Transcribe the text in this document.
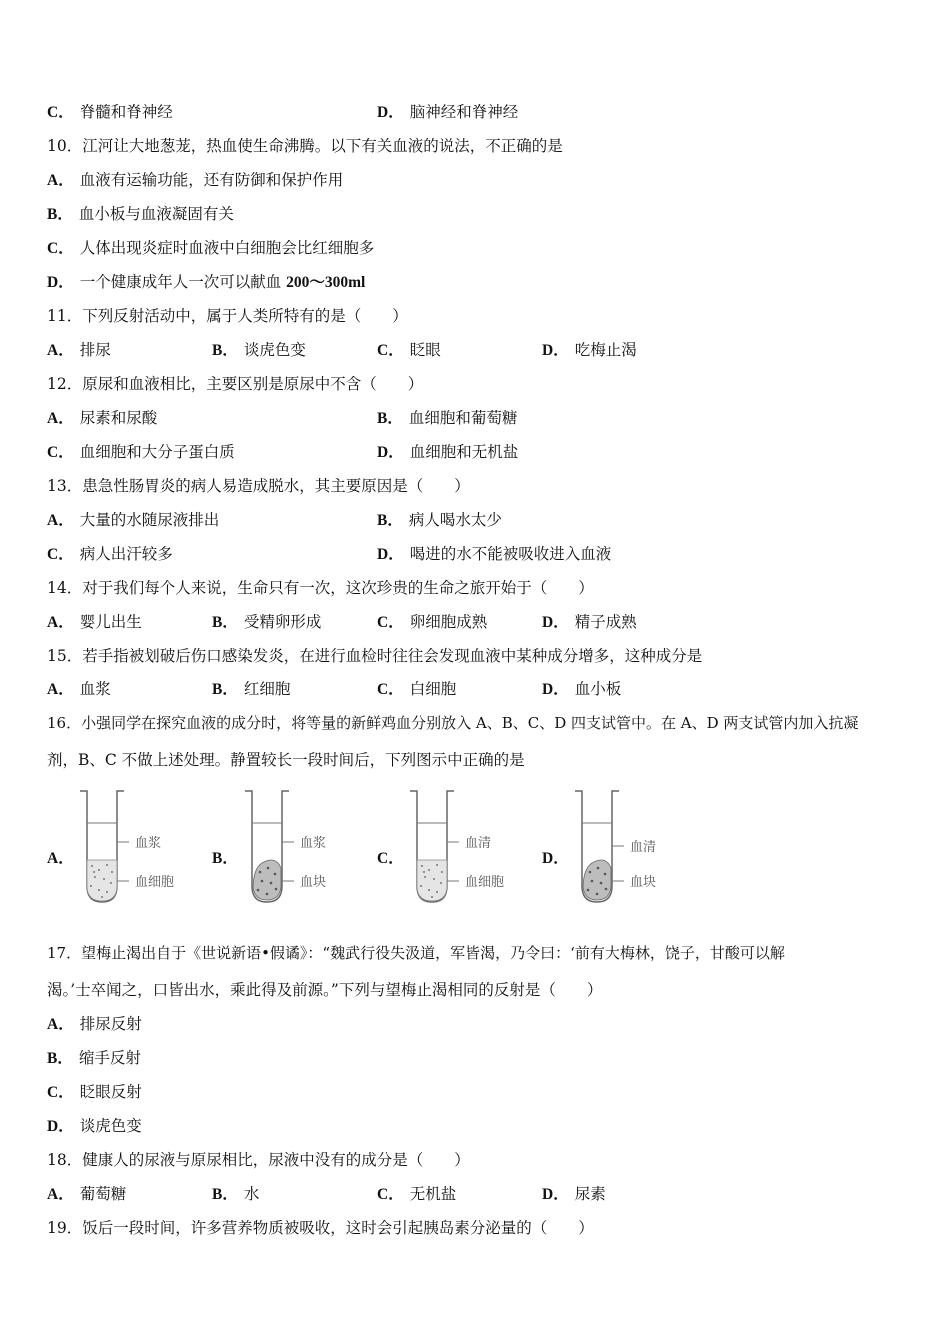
C． 脊髓和脊神经	D． 脑神经和脊神经
10．江河让大地葱茏，热血使生命沸腾。以下有关血液的说法，不正确的是
A． 血液有运输功能，还有防御和保护作用
B． 血小板与血液凝固有关
C． 人体出现炎症时血液中白细胞会比红细胞多
D． 一个健康成年人一次可以献血 200～300ml
11．下列反射活动中，属于人类所特有的是（　　）
A． 排尿	B． 谈虎色变	C． 眨眼	D． 吃梅止渴
12．原尿和血液相比，主要区别是原尿中不含（　　）
A． 尿素和尿酸	B． 血细胞和葡萄糖
C． 血细胞和大分子蛋白质	D． 血细胞和无机盐
13．患急性肠胃炎的病人易造成脱水，其主要原因是（　　）
A． 大量的水随尿液排出	B． 病人喝水太少
C． 病人出汗较多	D． 喝进的水不能被吸收进入血液
14．对于我们每个人来说，生命只有一次，这次珍贵的生命之旅开始于（　　）
A． 婴儿出生	B． 受精卵形成	C． 卵细胞成熟	D． 精子成熟
15．若手指被划破后伤口感染发炎，在进行血检时往往会发现血液中某种成分增多，这种成分是
A． 血浆	B． 红细胞	C． 白细胞	D． 血小板
16．小强同学在探究血液的成分时，将等量的新鲜鸡血分别放入 A、B、C、D 四支试管中。在 A、D 两支试管内加入抗凝
剂，B、C 不做上述处理。静置较长一段时间后，下列图示中正确的是
A．
血浆
血细胞
B．
血浆
血块
C．
血清
血细胞
D．
血清
血块
17．望梅止渴出自于《世说新语•假谲》：“魏武行役失汲道，军皆渴，乃令曰：‘前有大梅林，饶子，甘酸可以解
渴。’士卒闻之，口皆出水，乘此得及前源。”下列与望梅止渴相同的反射是（　　）
A． 排尿反射
B． 缩手反射
C． 眨眼反射
D． 谈虎色变
18．健康人的尿液与原尿相比，尿液中没有的成分是（　　）
A． 葡萄糖	B． 水	C． 无机盐	D． 尿素
19．饭后一段时间，许多营养物质被吸收，这时会引起胰岛素分泌量的（　　）
